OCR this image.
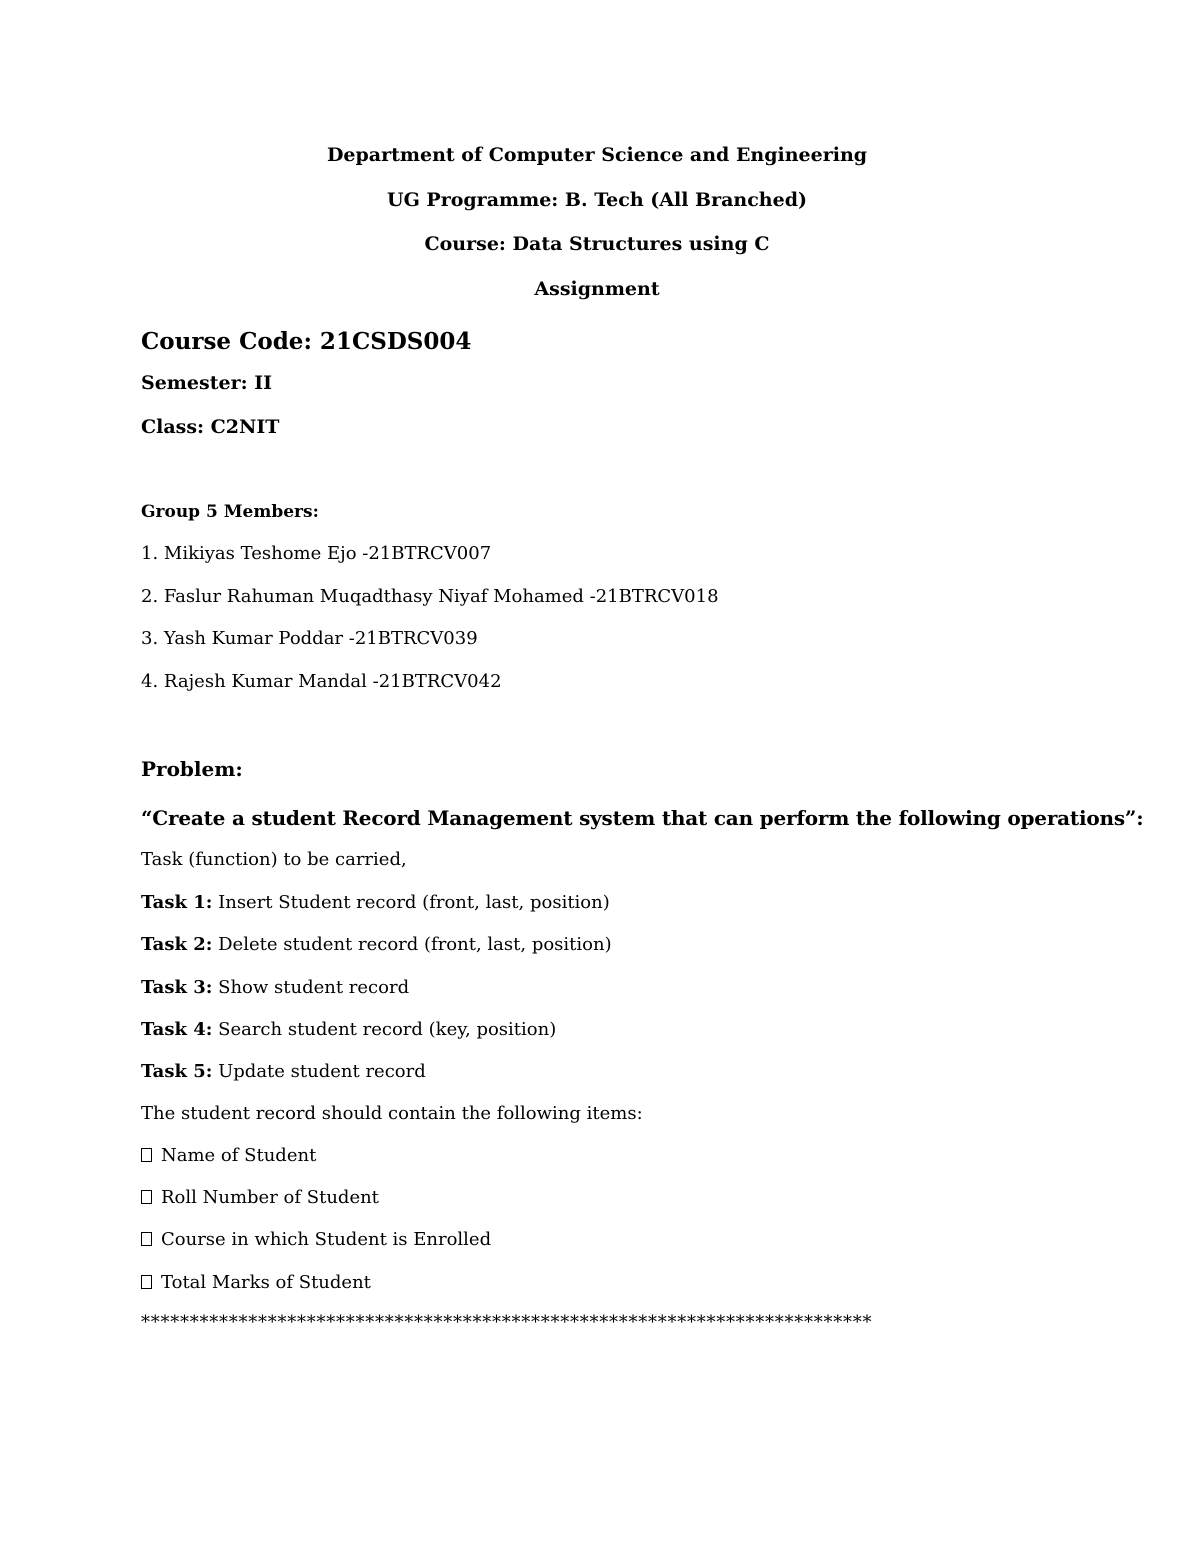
Department of Computer Science and Engineering

UG Programme: B. Tech (All Branched)

Course: Data Structures using C

Assignment

Course Code: 21CSDS004

Semester: II

Class: C2NIT

Group 5 Members:

1. Mikiyas Teshome Ejo -21BTRCV007

2. Faslur Rahuman Muqadthasy Niyaf Mohamed -21BTRCV018

3. Yash Kumar Poddar -21BTRCV039

4. Rajesh Kumar Mandal -21BTRCV042

Problem:

“Create a student Record Management system that can perform the following operations”:

Task (function) to be carried,

Task 1: Insert Student record (front, last, position)

Task 2: Delete student record (front, last, position)

Task 3: Show student record

Task 4: Search student record (key, position)

Task 5: Update student record

The student record should contain the following items:

Name of Student

Roll Number of Student

Course in which Student is Enrolled

Total Marks of Student

***************************************************************************
